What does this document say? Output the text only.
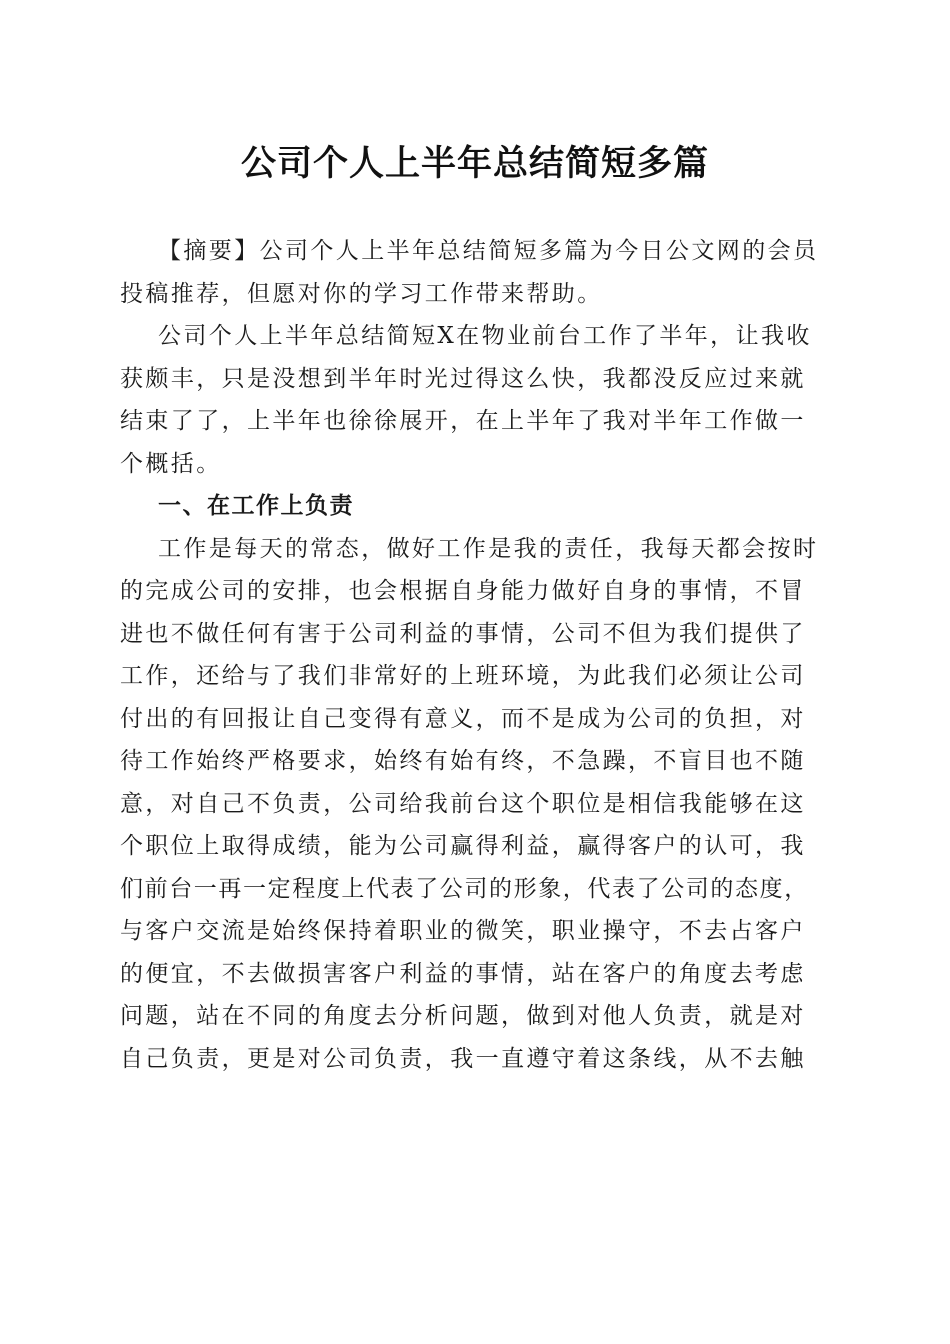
公司个人上半年总结简短多篇
【摘要】公司个人上半年总结简短多篇为今日公文网的会员
投稿推荐，但愿对你的学习工作带来帮助。
公司个人上半年总结简短X在物业前台工作了半年，让我收
获颇丰，只是没想到半年时光过得这么快，我都没反应过来就
结束了了，上半年也徐徐展开，在上半年了我对半年工作做一
个概括。
一、在工作上负责
工作是每天的常态，做好工作是我的责任，我每天都会按时
的完成公司的安排，也会根据自身能力做好自身的事情，不冒
进也不做任何有害于公司利益的事情，公司不但为我们提供了
工作，还给与了我们非常好的上班环境，为此我们必须让公司
付出的有回报让自己变得有意义，而不是成为公司的负担，对
待工作始终严格要求，始终有始有终，不急躁，不盲目也不随
意，对自己不负责，公司给我前台这个职位是相信我能够在这
个职位上取得成绩，能为公司赢得利益，赢得客户的认可，我
们前台一再一定程度上代表了公司的形象，代表了公司的态度，
与客户交流是始终保持着职业的微笑，职业操守，不去占客户
的便宜，不去做损害客户利益的事情，站在客户的角度去考虑
问题，站在不同的角度去分析问题，做到对他人负责，就是对
自己负责，更是对公司负责，我一直遵守着这条线，从不去触
